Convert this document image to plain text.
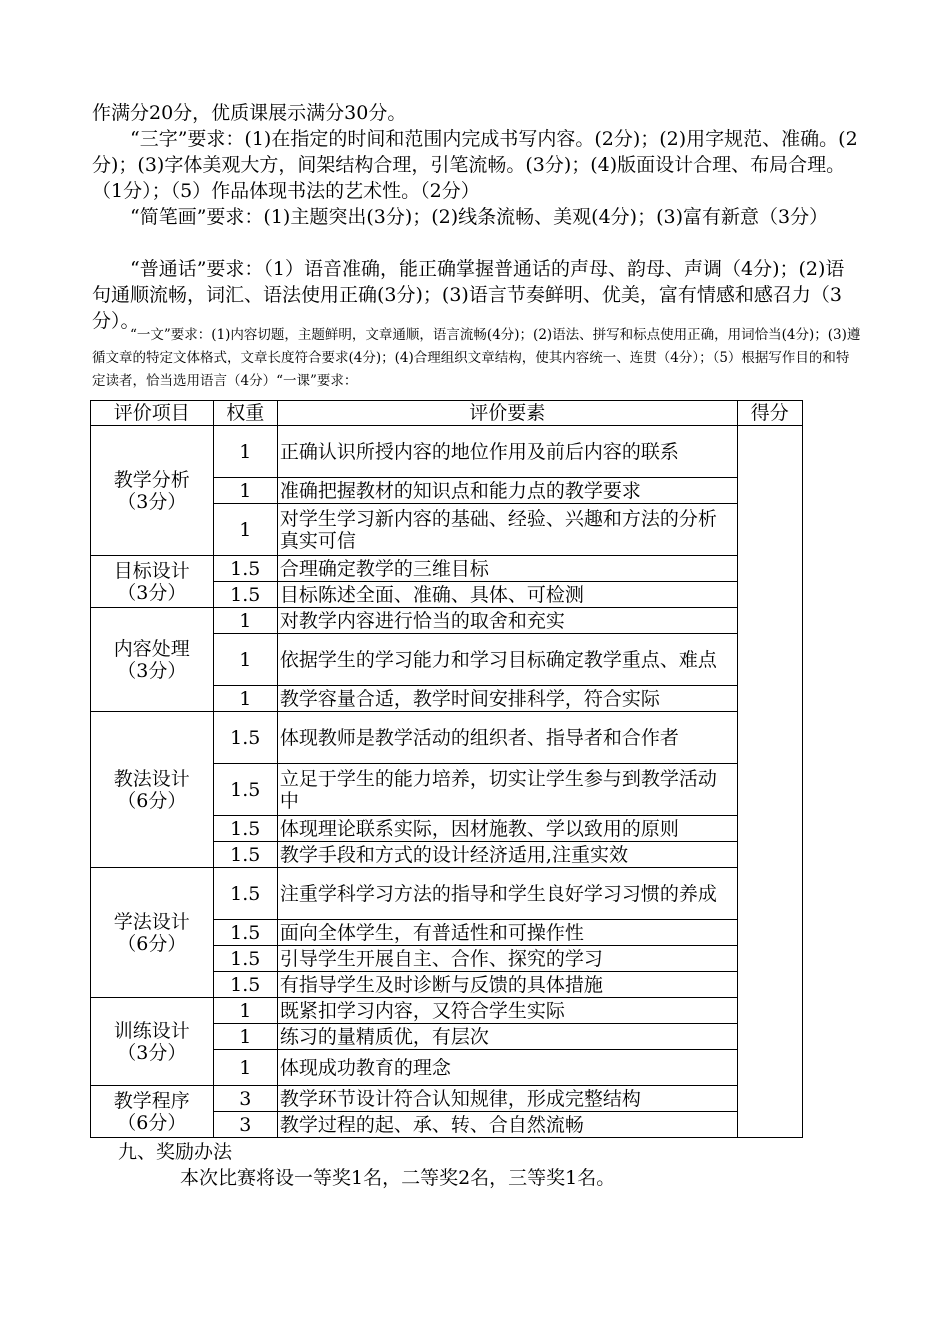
作满分20分，优质课展示满分30分。

“三字”要求：(1)在指定的时间和范围内完成书写内容。(2分)；(2)用字规范、准确。(2分)；(3)字体美观大方，间架结构合理，引笔流畅。(3分)；(4)版面设计合理、布局合理。（1分）；（5）作品体现书法的艺术性。（2分）

“简笔画”要求：(1)主题突出(3分)；(2)线条流畅、美观(4分)；(3)富有新意（3分）

“普通话”要求：（1）语音准确，能正确掌握普通话的声母、韵母、声调（4分)；(2)语句通顺流畅，词汇、语法使用正确(3分)；(3)语言节奏鲜明、优美，富有情感和感召力（3分）。

“一文”要求：(1)内容切题，主题鲜明，文章通顺，语言流畅(4分)；(2)语法、拼写和标点使用正确，用词恰当(4分)；(3)遵循文章的特定文体格式，文章长度符合要求(4分)；(4)合理组织文章结构，使其内容统一、连贯（4分）；（5）根据写作目的和特定读者，恰当选用语言（4分）“一课”要求：

评价项目	权重	评价要素	得分

教学分析
（3分）	1	正确认识所授内容的地位作用及前后内容的联系	
	1	准确把握教材的知识点和能力点的教学要求	
	1	对学生学习新内容的基础、经验、兴趣和方法的分析真实可信	

目标设计
（3分）	1.5	合理确定教学的三维目标	
	1.5	目标陈述全面、准确、具体、可检测	

内容处理
（3分）	1	对教学内容进行恰当的取舍和充实	
	1	依据学生的学习能力和学习目标确定教学重点、难点	
	1	教学容量合适，教学时间安排科学，符合实际	

教法设计
（6分）	1.5	体现教师是教学活动的组织者、指导者和合作者	
	1.5	立足于学生的能力培养，切实让学生参与到教学活动中	
	1.5	体现理论联系实际，因材施教、学以致用的原则	
	1.5	教学手段和方式的设计经济适用,注重实效	

学法设计
（6分）	1.5	注重学科学习方法的指导和学生良好学习习惯的养成	
	1.5	面向全体学生，有普适性和可操作性	
	1.5	引导学生开展自主、合作、探究的学习	
	1.5	有指导学生及时诊断与反馈的具体措施	

训练设计
（3分）	1	既紧扣学习内容，又符合学生实际	
	1	练习的量精质优，有层次	
	1	体现成功教育的理念	

教学程序
（6分）	3	教学环节设计符合认知规律，形成完整结构	
	3	教学过程的起、承、转、合自然流畅	
九、奖励办法
本次比赛将设一等奖1名，二等奖2名，三等奖1名。
